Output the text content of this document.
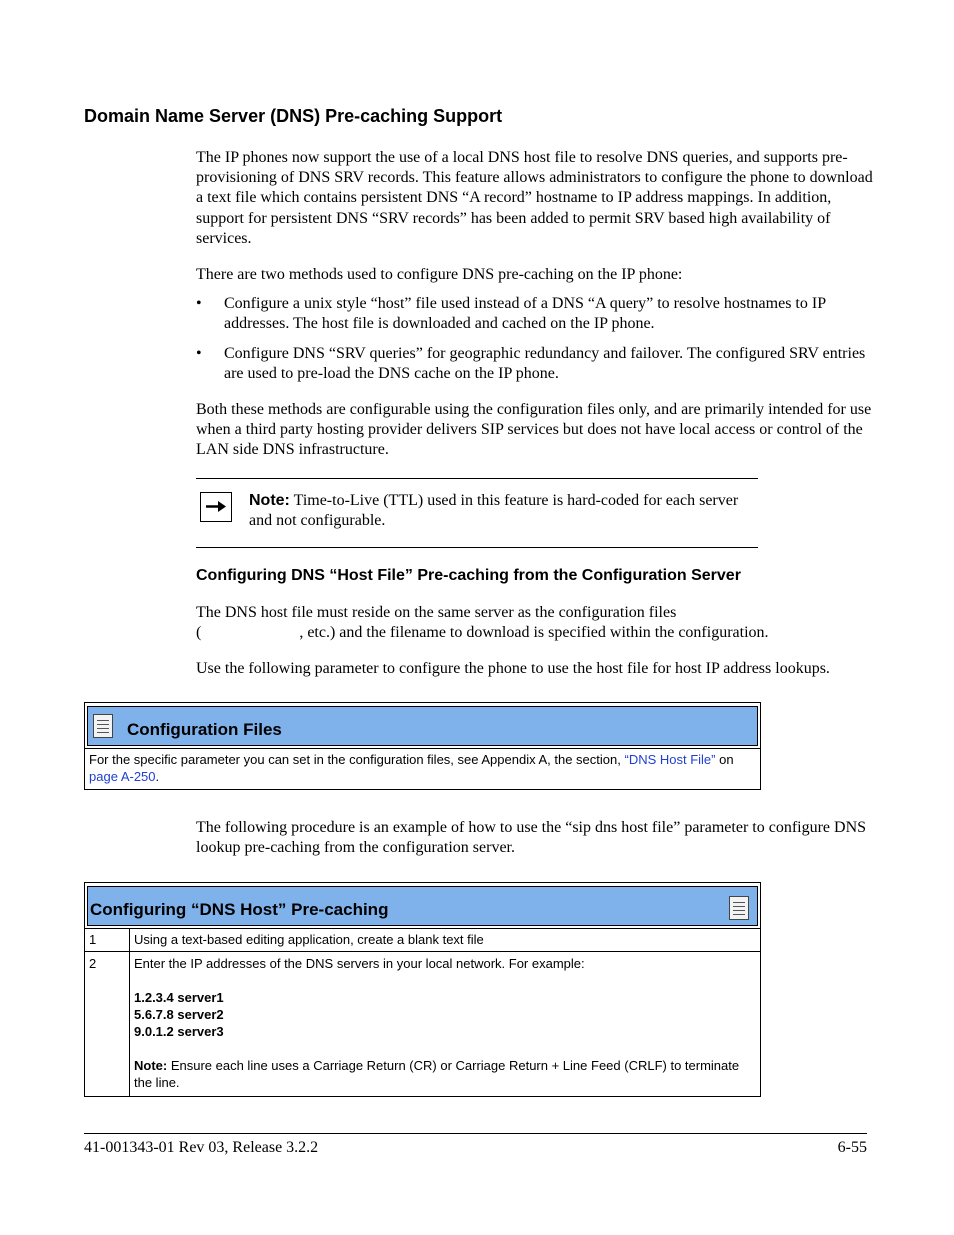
Domain Name Server (DNS) Pre-caching Support
The IP phones now support the use of a local DNS host file to resolve DNS queries, and supports pre-provisioning of DNS SRV records. This feature allows administrators to configure the phone to download a text file which contains persistent DNS “A record” hostname to IP address mappings. In addition, support for persistent DNS “SRV records” has been added to permit SRV based high availability of services.
There are two methods used to configure DNS pre-caching on the IP phone:
• Configure a unix style “host” file used instead of a DNS “A query” to resolve hostnames to IP addresses. The host file is downloaded and cached on the IP phone.
• Configure DNS “SRV queries” for geographic redundancy and failover. The configured SRV entries are used to pre-load the DNS cache on the IP phone.
Both these methods are configurable using the configuration files only, and are primarily intended for use when a third party hosting provider delivers SIP services but does not have local access or control of the LAN side DNS infrastructure.
Note: Time-to-Live (TTL) used in this feature is hard-coded for each server and not configurable.
Configuring DNS “Host File” Pre-caching from the Configuration Server
The DNS host file must reside on the same server as the configuration files
(	, etc.) and the filename to download is specified within the configuration.
Use the following parameter to configure the phone to use the host file for host IP address lookups.
Configuration Files
For the specific parameter you can set in the configuration files, see Appendix A, the section, “DNS Host File” on page A-250.
The following procedure is an example of how to use the “sip dns host file” parameter to configure DNS lookup pre-caching from the configuration server.
Configuring “DNS Host” Pre-caching
1	Using a text-based editing application, create a blank text file
2	Enter the IP addresses of the DNS servers in your local network. For example:
1.2.3.4 server1
5.6.7.8 server2
9.0.1.2 server3
Note: Ensure each line uses a Carriage Return (CR) or Carriage Return + Line Feed (CRLF) to terminate the line.
41-001343-01 Rev 03, Release 3.2.2	6-55
